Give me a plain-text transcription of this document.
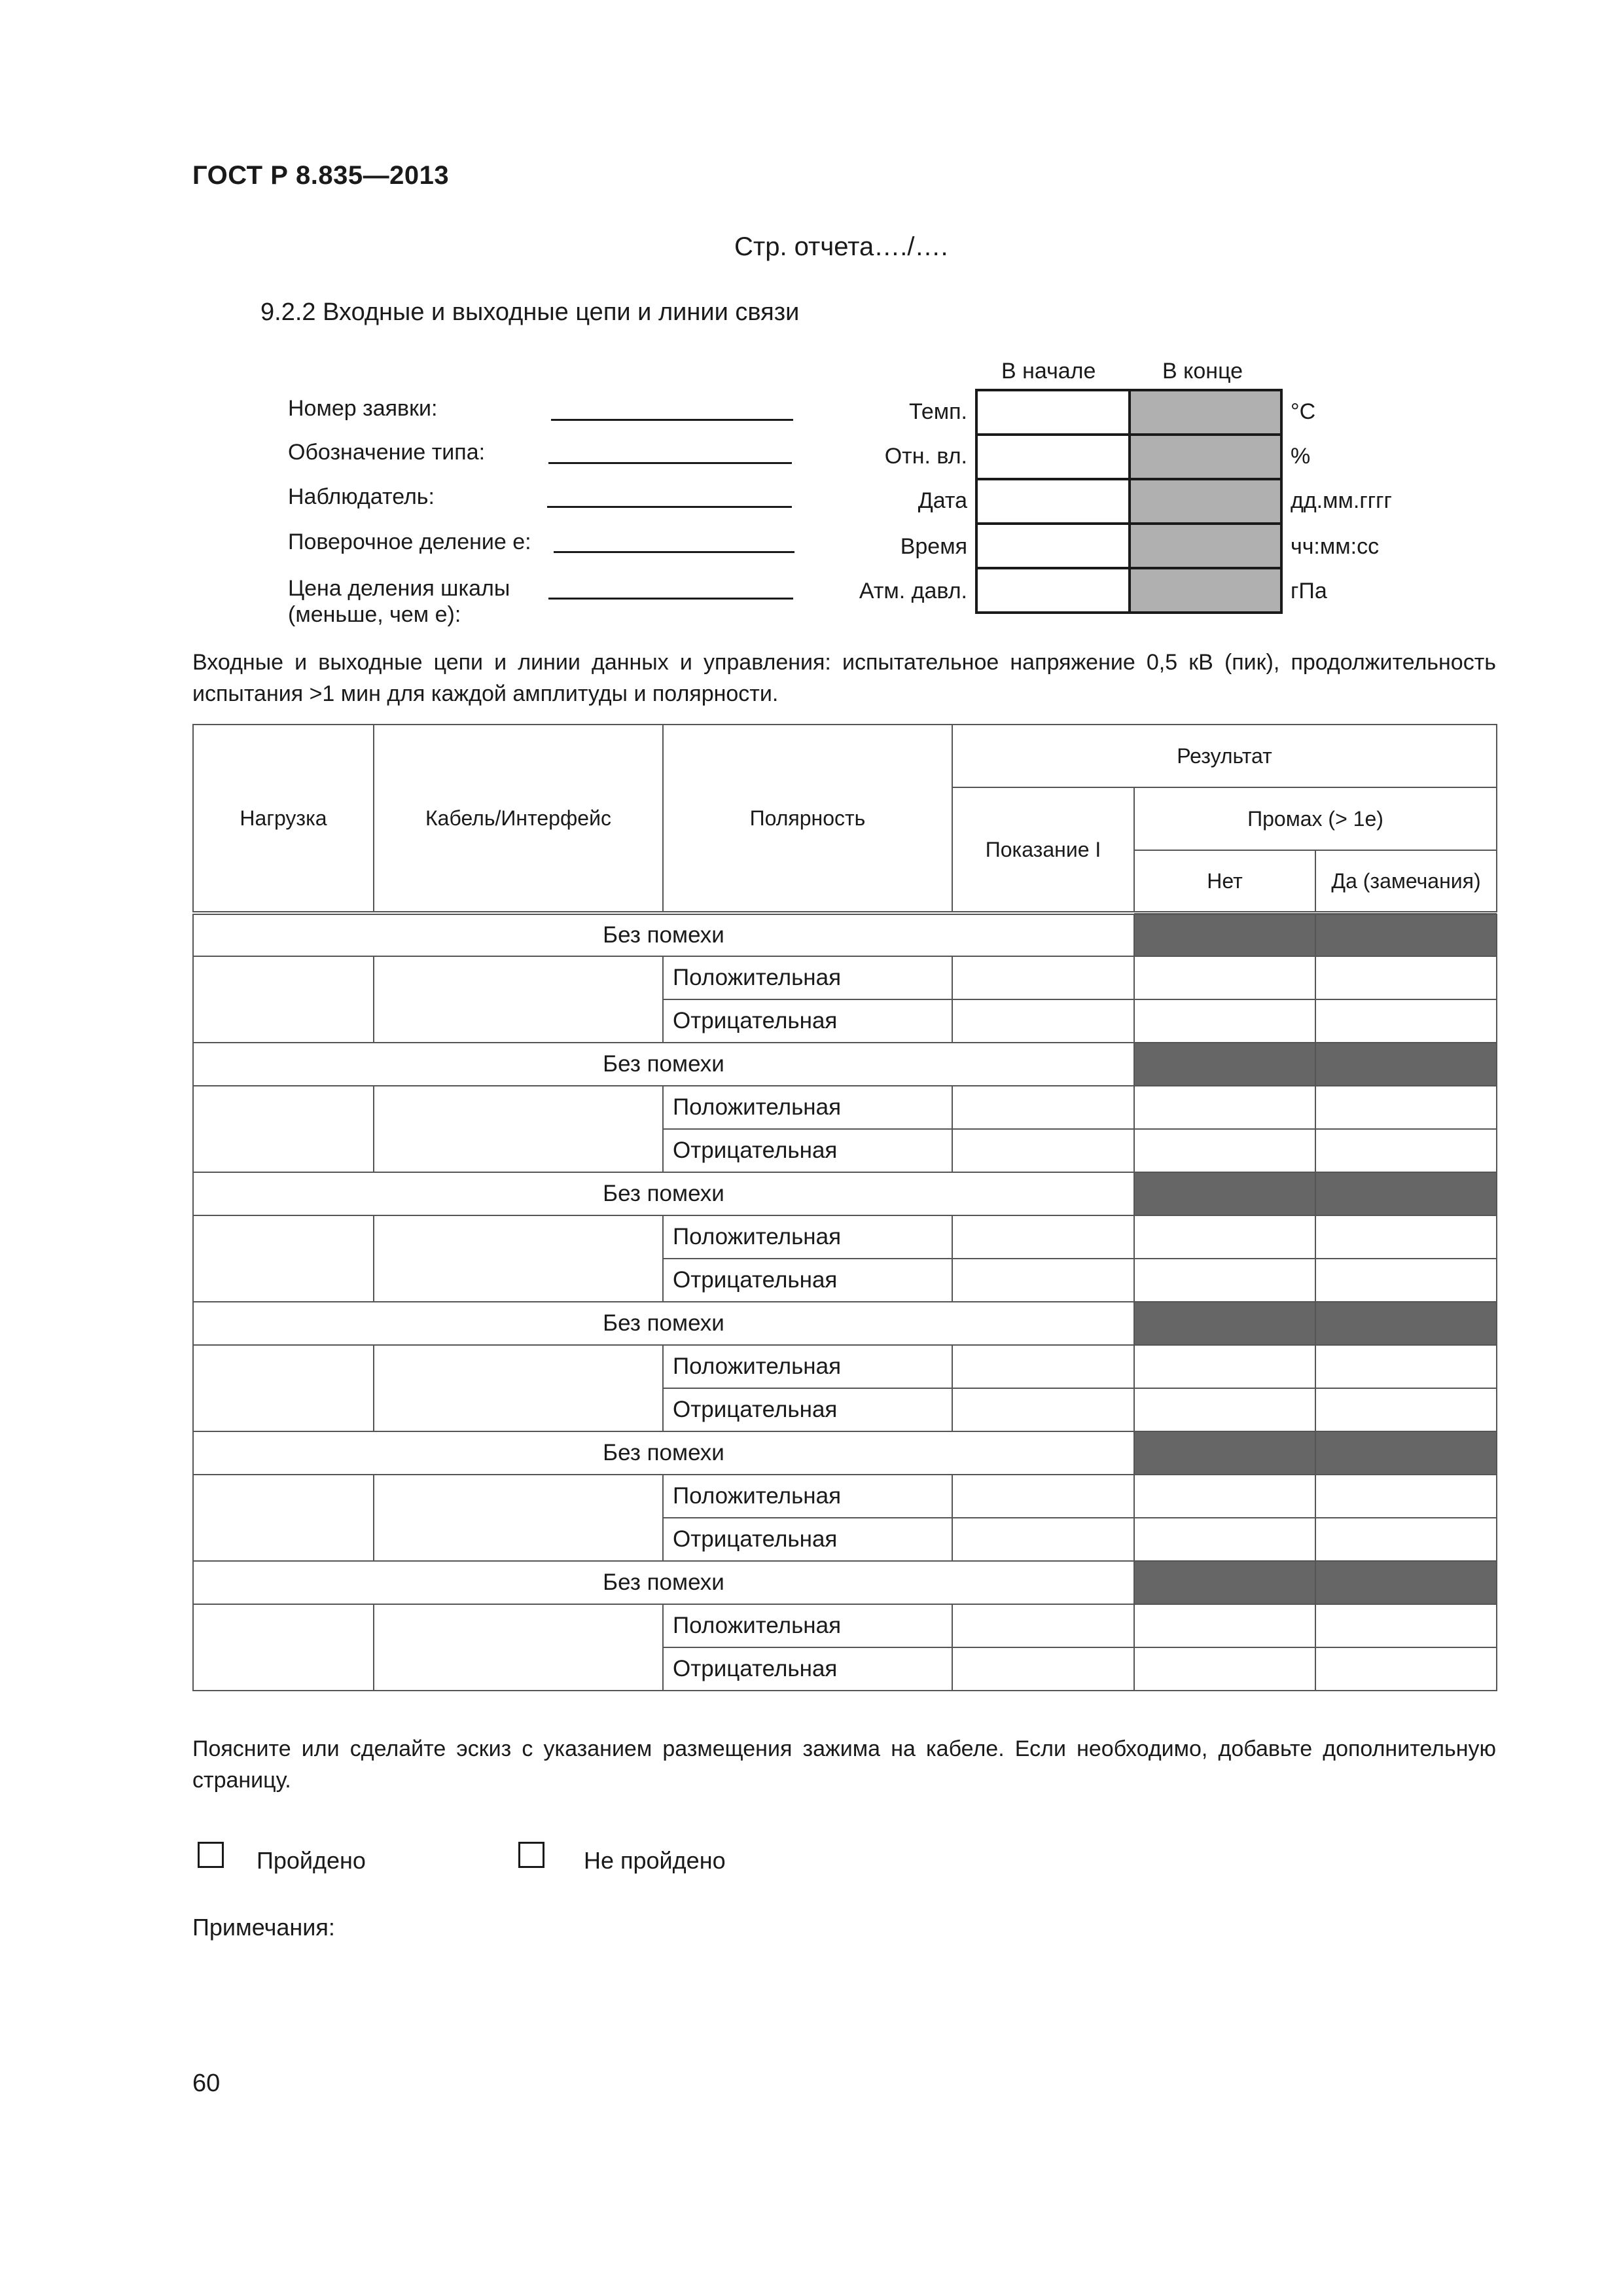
ГОСТ Р 8.835—2013
Стр. отчета…./….
9.2.2 Входные и выходные цепи и линии связи
Номер заявки:
Обозначение типа:
Наблюдатель:
Поверочное деление e:
Цена деления шкалы
(меньше, чем e):
В начале	В конце
Темп.	°C
Отн. вл.	%
Дата	дд.мм.гггг
Время	чч:мм:сс
Атм. давл.	гПа
Входные и выходные цепи и линии данных и управления: испытательное напряжение 0,5 кВ (пик), продолжительность испытания >1 мин для каждой амплитуды и полярности.
Нагрузка	Кабель/Интерфейс	Полярность	Результат		
			Показание I	Промах (> 1e)	
				Нет	Да (замечания)
Без помехи					
		Положительная			
		Отрицательная			
Без помехи					
		Положительная			
		Отрицательная			
Без помехи					
		Положительная			
		Отрицательная			
Без помехи					
		Положительная			
		Отрицательная			
Без помехи					
		Положительная			
		Отрицательная			
Без помехи					
		Положительная			
		Отрицательная			
Поясните или сделайте эскиз с указанием размещения зажима на кабеле. Если необходимо, добавьте дополнительную страницу.
Пройдено	Не пройдено
Примечания:
60
